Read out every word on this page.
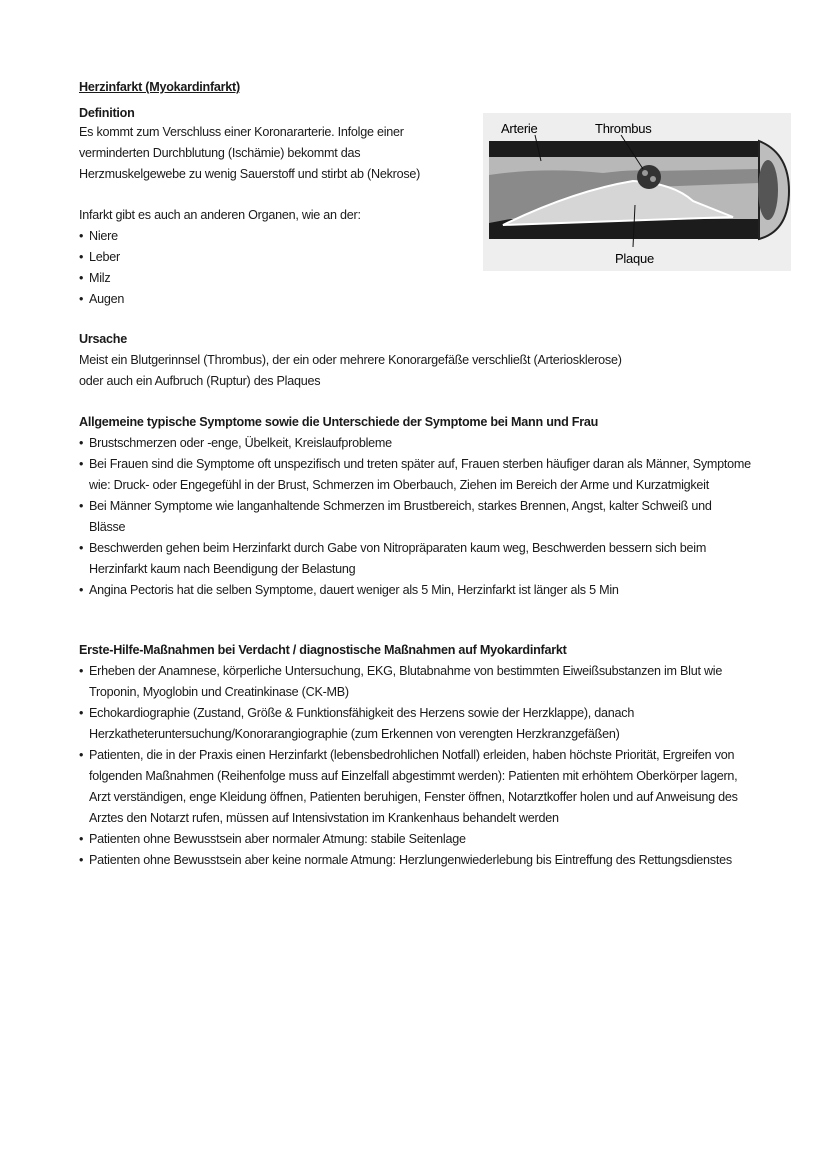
Herzinfarkt (Myokardinfarkt)
Definition

Es kommt zum Verschluss einer Koronararterie. Infolge einer

verminderten Durchblutung (Ischämie) bekommt das

Herzmuskelgewebe zu wenig Sauerstoff und stirbt ab (Nekrose)

Infarkt gibt es auch an anderen Organen, wie an der:

• Niere
• Leber
• Milz
• Augen
Arterie	Thrombus
Plaque
Ursache

Meist ein Blutgerinnsel (Thrombus), der ein oder mehrere Konorargefäße verschließt (Arteriosklerose)

oder auch ein Aufbruch (Ruptur) des Plaques

Allgemeine typische Symptome sowie die Unterschiede der Symptome bei Mann und Frau
• Brustschmerzen oder -enge, Übelkeit, Kreislaufprobleme
• Bei Frauen sind die Symptome oft unspezifisch und treten später auf, Frauen sterben häufiger daran als Männer, Symptome wie: Druck- oder Engegefühl in der Brust, Schmerzen im Oberbauch, Ziehen im Bereich der Arme und Kurzatmigkeit
• Bei Männer Symptome wie langanhaltende Schmerzen im Brustbereich, starkes Brennen, Angst, kalter Schweiß und Blässe
• Beschwerden gehen beim Herzinfarkt durch Gabe von Nitropräparaten kaum weg, Beschwerden bessern sich beim Herzinfarkt kaum nach Beendigung der Belastung
• Angina Pectoris hat die selben Symptome, dauert weniger als 5 Min, Herzinfarkt ist länger als 5 Min
Erste-Hilfe-Maßnahmen bei Verdacht / diagnostische Maßnahmen auf Myokardinfarkt
• Erheben der Anamnese, körperliche Untersuchung, EKG, Blutabnahme von bestimmten Eiweißsubstanzen im Blut wie Troponin, Myoglobin und Creatinkinase (CK-MB)
• Echokardiographie (Zustand, Größe & Funktionsfähigkeit des Herzens sowie der Herzklappe), danach Herzkatheteruntersuchung/Konorarangiographie (zum Erkennen von verengten Herzkranzgefäßen)
• Patienten, die in der Praxis einen Herzinfarkt (lebensbedrohlichen Notfall) erleiden, haben höchste Priorität, Ergreifen von folgenden Maßnahmen (Reihenfolge muss auf Einzelfall abgestimmt werden): Patienten mit erhöhtem Oberkörper lagern, Arzt verständigen, enge Kleidung öffnen, Patienten beruhigen, Fenster öffnen, Notarztkoffer holen und auf Anweisung des Arztes den Notarzt rufen, müssen auf Intensivstation im Krankenhaus behandelt werden
• Patienten ohne Bewusstsein aber normaler Atmung: stabile Seitenlage
• Patienten ohne Bewusstsein aber keine normale Atmung: Herzlungenwiederlebung bis Eintreffung des Rettungsdienstes
